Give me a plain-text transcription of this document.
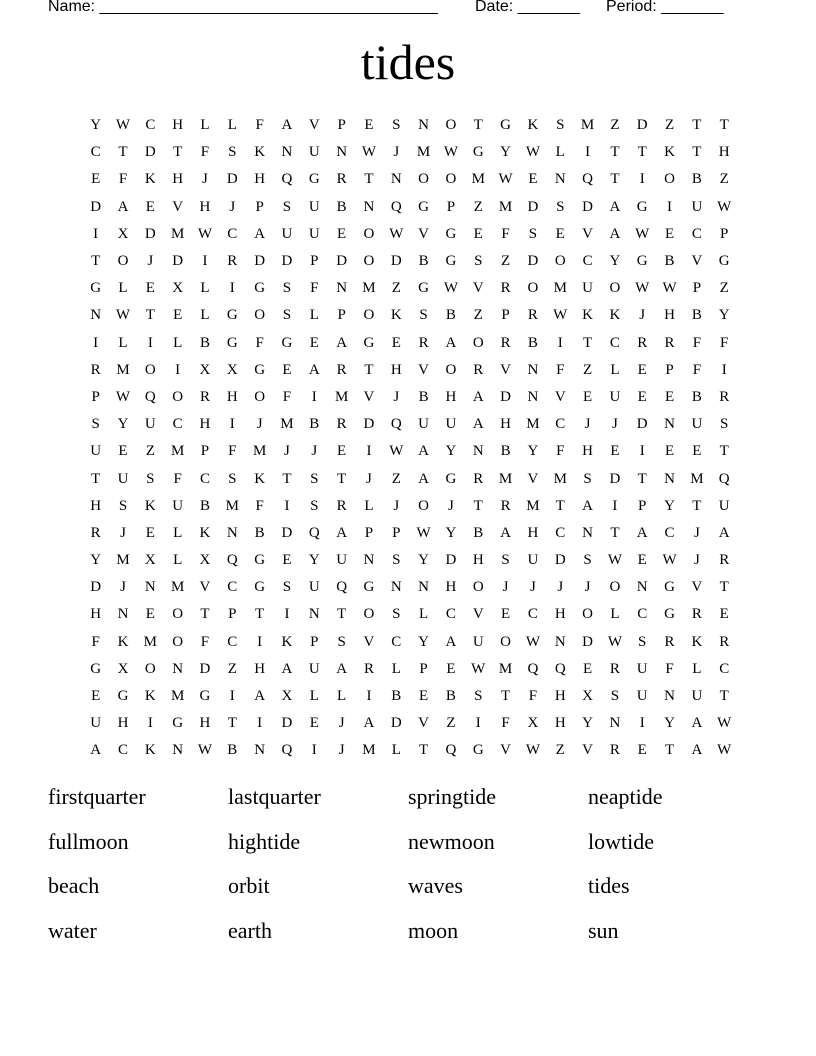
Name: ______________________________________ Date: _______ Period: _______
tides
Y W	C	H	L	L	F	A	V	P	E	S	N	O	T	G	K	S	M	Z	D	Z	T	T
C	T	D	T	F	S	K	N	U	N W	J	M W G	Y W	L	I	T	T	K	T	H
E	F	K	H	J	D	H	Q	G	R	T	N	O	O	M W	E	N	Q	T	I	O	B	Z
D	A	E	V	H	J	P	S	U	B	N	Q	G	P	Z	M	D	S	D	A	G	I	U W
I	X	D	M W	C	A	U	U	E	O W V	G	E	F	S	E	V	A W	E	C	P
T	O	J	D	I	R	D	D	P	D	O	D	B	G	S	Z	D	O	C	Y	G	B	V	G
G	L	E	X	L	I	G	S	F	N	M	Z	G W V	R	O	M	U	O W W	P	Z
N W	T	E	L	G	O	S	L	P	O	K	S	B	Z	P	R	W K	K	J	H	B	Y
I	L	I	L	B	G	F	G	E	A	G	E	R	A	O	R	B	I	T	C	R	R	F	F
R	M	O	I	X	X	G	E	A	R	T	H	V	O	R	V	N	F	Z	L	E	P	F	I
P	W Q	O	R	H	O	F	I	M	V	J	B	H	A	D	N	V	E	U	E	E	B	R
S	Y	U	C	H	I	J	M	B	R	D	Q	U	U	A	H	M	C	J	J	D	N	U	S
U	E	Z	M	P	F	M	J	J	E	I	W A	Y	N	B	Y	F	H	E	I	E	E	T
T	U	S	F	C	S	K	T	S	T	J	Z	A	G	R	M	V	M	S	D	T	N	M	Q
H	S	K	U	B	M	F	I	S	R	L	J	O	J	T	R	M	T	A	I	P	Y	T	U
R	J	E	L	K	N	B	D	Q	A	P	P	W Y	B	A	H	C	N	T	A	C	J	A
Y	M	X	L	X	Q	G	E	Y	U	N	S	Y	D	H	S	U	D	S	W	E	W	J	R
D	J	N	M	V	C	G	S	U	Q	G	N	N	H	O	J	J	J	J	O	N	G	V	T
H	N	E	O	T	P	T	I	N	T	O	S	L	C	V	E	C	H	O	L	C	G	R	E
F	K	M	O	F	C	I	K	P	S	V	C	Y	A	U	O W N	D W	S	R	K	R
G	X	O	N	D	Z	H	A	U	A	R	L	P	E	W M	Q	Q	E	R	U	F	L	C
E	G	K	M	G	I	A	X	L	L	I	B	E	B	S	T	F	H	X	S	U	N	U	T
U	H	I	G	H	T	I	D	E	J	A	D	V	Z	I	F	X	H	Y	N	I	Y	A W
A	C	K	N W	B	N	Q	I	J	M	L	T	Q	G	V W	Z	V	R	E	T	A W
firstquarter	lastquarter	springtide	neaptide
fullmoon	hightide	newmoon	lowtide
beach	orbit	waves	tides
water	earth	moon	sun
